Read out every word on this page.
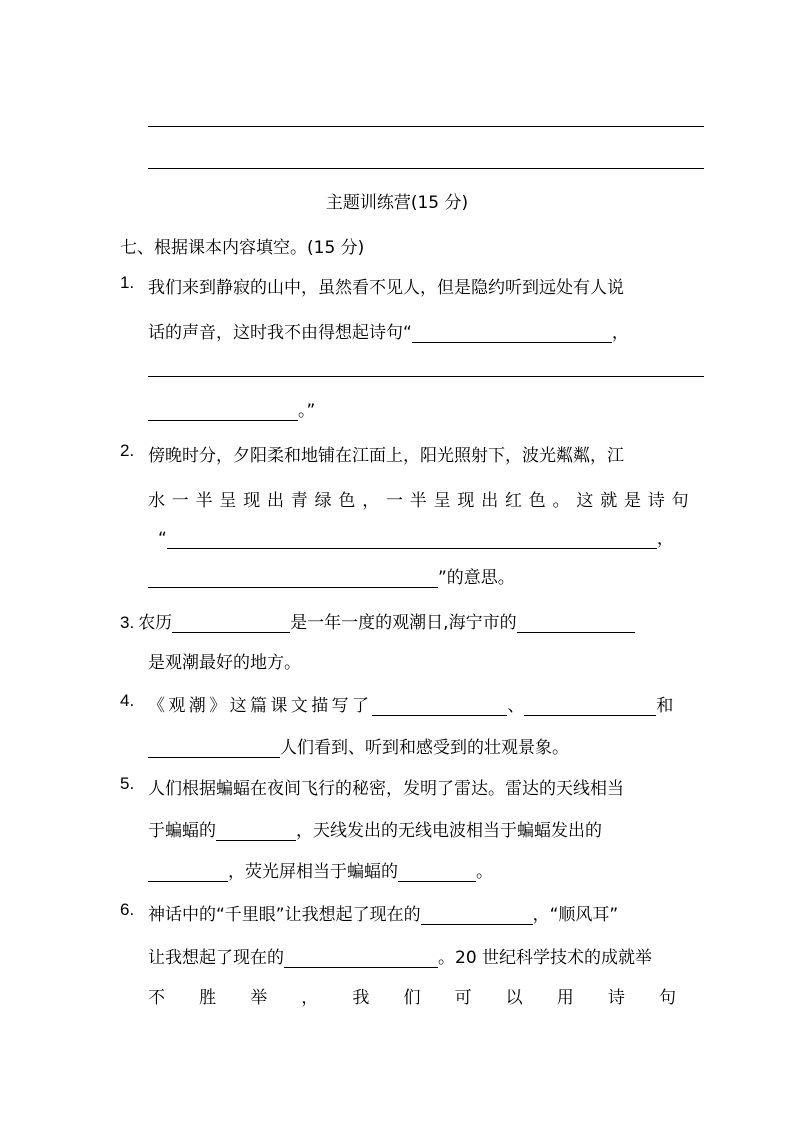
主题训练营(15 分)
七、根据课本内容填空。(15 分)
1. 我们来到静寂的山中，虽然看不见人，但是隐约听到远处有人说
话的声音，这时我不由得想起诗句“	，
。”
2. 傍晚时分，夕阳柔和地铺在江面上，阳光照射下，波光粼粼，江
水一半呈现出青绿色，一半呈现出红色。这就是诗句
“	，
”的意思。
3. 农历	是一年一度的观潮日,海宁市的
是观潮最好的地方。
4. 《观潮》这篇课文描写了	、	和
人们看到、听到和感受到的壮观景象。
5. 人们根据蝙蝠在夜间飞行的秘密，发明了雷达。雷达的天线相当
于蝙蝠的	，天线发出的无线电波相当于蝙蝠发出的
，荧光屏相当于蝙蝠的	。
6. 神话中的“千里眼”让我想起了现在的	，“顺风耳”
让我想起了现在的	。20 世纪科学技术的成就举
不 胜 举 ， 我 们 可 以 用 诗 句
